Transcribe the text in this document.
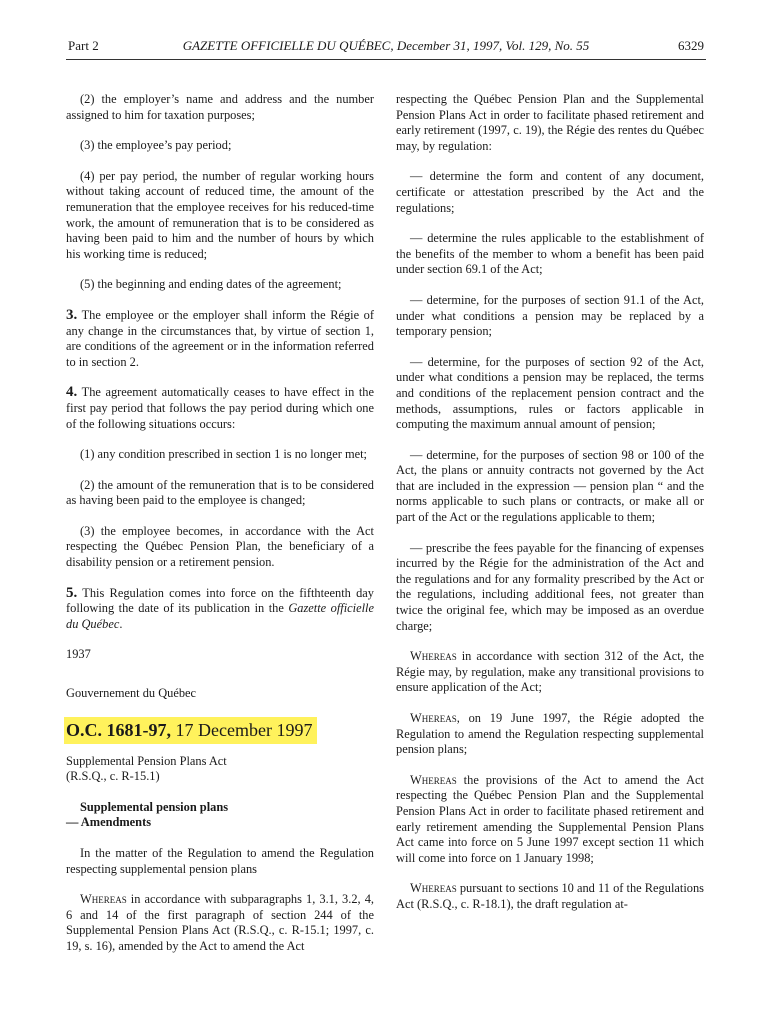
Part 2	GAZETTE OFFICIELLE DU QUÉBEC, December 31, 1997, Vol. 129, No. 55	6329

(2) the employer’s name and address and the number assigned to him for taxation purposes;

(3) the employee’s pay period;

(4) per pay period, the number of regular working hours without taking account of reduced time, the amount of the remuneration that the employee receives for his reduced-time work, the amount of remuneration that is to be considered as having been paid to him and the number of hours by which his working time is reduced;

(5) the beginning and ending dates of the agreement;

3. The employee or the employer shall inform the Régie of any change in the circumstances that, by virtue of section 1, are conditions of the agreement or in the information referred to in section 2.

4. The agreement automatically ceases to have effect in the first pay period that follows the pay period during which one of the following situations occurs:

(1) any condition prescribed in section 1 is no longer met;

(2) the amount of the remuneration that is to be considered as having been paid to the employee is changed;

(3) the employee becomes, in accordance with the Act respecting the Québec Pension Plan, the beneficiary of a disability pension or a retirement pension.

5. This Regulation comes into force on the fifthteenth day following the date of its publication in the Gazette officielle du Québec.

1937

Gouvernement du Québec

O.C. 1681-97, 17 December 1997

Supplemental Pension Plans Act
(R.S.Q., c. R-15.1)

Supplemental pension plans
— Amendments

In the matter of the Regulation to amend the Regulation respecting supplemental pension plans

Whereas in accordance with subparagraphs 1, 3.1, 3.2, 4, 6 and 14 of the first paragraph of section 244 of the Supplemental Pension Plans Act (R.S.Q., c. R-15.1; 1997, c. 19, s. 16), amended by the Act to amend the Act

respecting the Québec Pension Plan and the Supplemental Pension Plans Act in order to facilitate phased retirement and early retirement (1997, c. 19), the Régie des rentes du Québec may, by regulation:

— determine the form and content of any document, certificate or attestation prescribed by the Act and the regulations;

— determine the rules applicable to the establishment of the benefits of the member to whom a benefit has been paid under section 69.1 of the Act;

— determine, for the purposes of section 91.1 of the Act, under what conditions a pension may be replaced by a temporary pension;

— determine, for the purposes of section 92 of the Act, under what conditions a pension may be replaced, the terms and conditions of the replacement pension contract and the methods, assumptions, rules or factors applicable in computing the maximum annual amount of pension;

— determine, for the purposes of section 98 or 100 of the Act, the plans or annuity contracts not governed by the Act that are included in the expression — pension plan “ and the norms applicable to such plans or contracts, or make all or part of the Act or the regulations applicable to them;

— prescribe the fees payable for the financing of expenses incurred by the Régie for the administration of the Act and the regulations and for any formality prescribed by the Act or the regulations, including additional fees, not greater than twice the original fee, which may be imposed as an overdue charge;

Whereas in accordance with section 312 of the Act, the Régie may, by regulation, make any transitional provisions to ensure application of the Act;

Whereas, on 19 June 1997, the Régie adopted the Regulation to amend the Regulation respecting supplemental pension plans;

Whereas the provisions of the Act to amend the Act respecting the Québec Pension Plan and the Supplemental Pension Plans Act in order to facilitate phased retirement and early retirement amending the Supplemental Pension Plans Act came into force on 5 June 1997 except section 11 which will come into force on 1 January 1998;

Whereas pursuant to sections 10 and 11 of the Regulations Act (R.S.Q., c. R-18.1), the draft regulation at-
